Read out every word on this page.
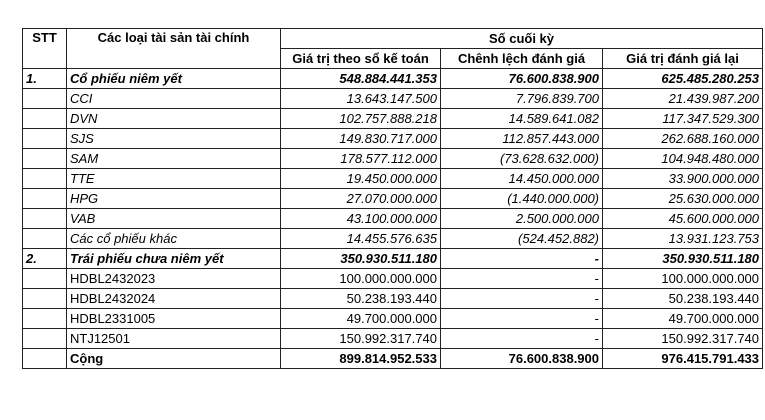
STT	Các loại tài sản tài chính	Số cuối kỳ		
		Giá trị theo sổ kế toán	Chênh lệch đánh giá	Giá trị đánh giá lại
1.	Cổ phiếu niêm yết	548.884.441.353	76.600.838.900	625.485.280.253
	CCI	13.643.147.500	7.796.839.700	21.439.987.200
	DVN	102.757.888.218	14.589.641.082	117.347.529.300
	SJS	149.830.717.000	112.857.443.000	262.688.160.000
	SAM	178.577.112.000	(73.628.632.000)	104.948.480.000
	TTE	19.450.000.000	14.450.000.000	33.900.000.000
	HPG	27.070.000.000	(1.440.000.000)	25.630.000.000
	VAB	43.100.000.000	2.500.000.000	45.600.000.000
	Các cổ phiếu khác	14.455.576.635	(524.452.882)	13.931.123.753
2.	Trái phiếu chưa niêm yết	350.930.511.180	-	350.930.511.180
	HDBL2432023	100.000.000.000	-	100.000.000.000
	HDBL2432024	50.238.193.440	-	50.238.193.440
	HDBL2331005	49.700.000.000	-	49.700.000.000
	NTJ12501	150.992.317.740	-	150.992.317.740
	Cộng	899.814.952.533	76.600.838.900	976.415.791.433
